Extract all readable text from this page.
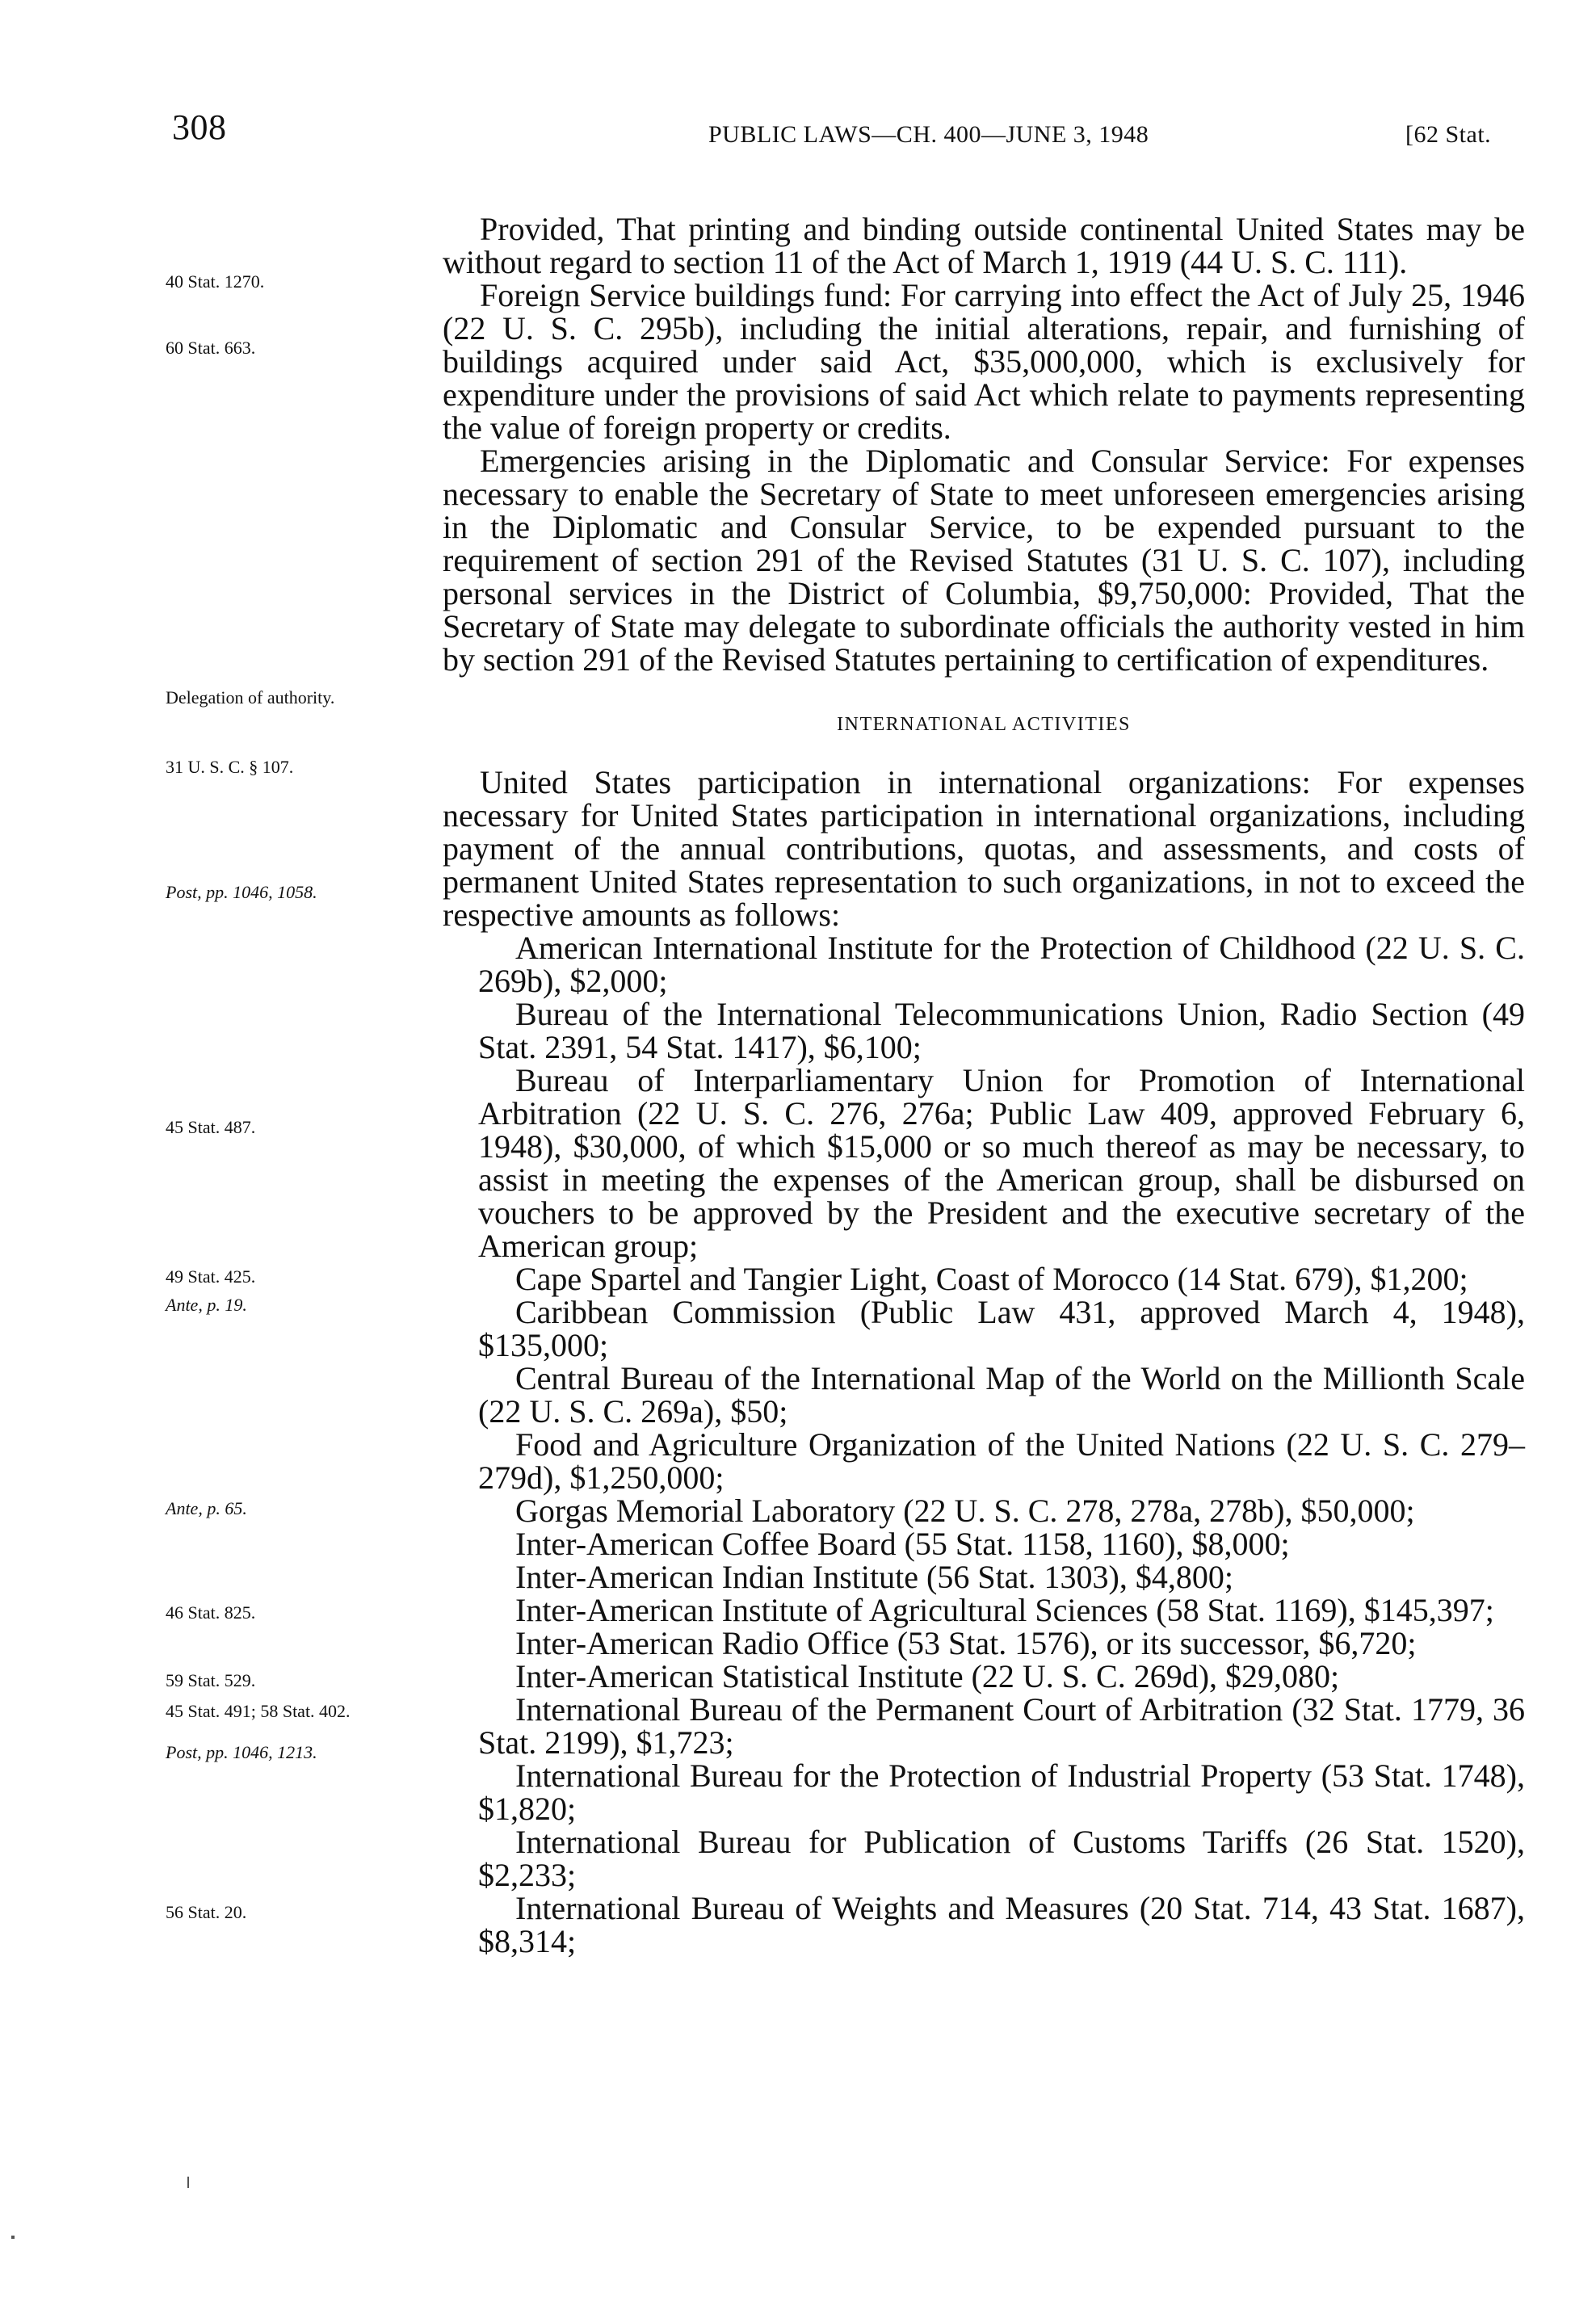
308	PUBLIC LAWS—CH. 400—JUNE 3, 1948	[62 Stat.
40 Stat. 1270.
60 Stat. 663.
Delegation of authority.
31 U. S. C. § 107.
Post, pp. 1046, 1058.
45 Stat. 487.
49 Stat. 425.
Ante, p. 19.
Ante, p. 65.
46 Stat. 825.
59 Stat. 529.
45 Stat. 491; 58 Stat. 402.
Post, pp. 1046, 1213.
56 Stat. 20.

Provided, That printing and binding outside continental United States may be without regard to section 11 of the Act of March 1, 1919 (44 U. S. C. 111).

Foreign Service buildings fund: For carrying into effect the Act of July 25, 1946 (22 U. S. C. 295b), including the initial alterations, repair, and furnishing of buildings acquired under said Act, $35,000,000, which is exclusively for expenditure under the provisions of said Act which relate to payments representing the value of foreign property or credits.

Emergencies arising in the Diplomatic and Consular Service: For expenses necessary to enable the Secretary of State to meet unforeseen emergencies arising in the Diplomatic and Consular Service, to be expended pursuant to the requirement of section 291 of the Revised Statutes (31 U. S. C. 107), including personal services in the District of Columbia, $9,750,000: Provided, That the Secretary of State may delegate to subordinate officials the authority vested in him by section 291 of the Revised Statutes pertaining to certification of expenditures.

INTERNATIONAL ACTIVITIES

United States participation in international organizations: For expenses necessary for United States participation in international organizations, including payment of the annual contributions, quotas, and assessments, and costs of permanent United States representation to such organizations, in not to exceed the respective amounts as follows:

American International Institute for the Protection of Childhood (22 U. S. C. 269b), $2,000;

Bureau of the International Telecommunications Union, Radio Section (49 Stat. 2391, 54 Stat. 1417), $6,100;

Bureau of Interparliamentary Union for Promotion of International Arbitration (22 U. S. C. 276, 276a; Public Law 409, approved February 6, 1948), $30,000, of which $15,000 or so much thereof as may be necessary, to assist in meeting the expenses of the American group, shall be disbursed on vouchers to be approved by the President and the executive secretary of the American group;

Cape Spartel and Tangier Light, Coast of Morocco (14 Stat. 679), $1,200;

Caribbean Commission (Public Law 431, approved March 4, 1948), $135,000;

Central Bureau of the International Map of the World on the Millionth Scale (22 U. S. C. 269a), $50;

Food and Agriculture Organization of the United Nations (22 U. S. C. 279–279d), $1,250,000;

Gorgas Memorial Laboratory (22 U. S. C. 278, 278a, 278b), $50,000;

Inter-American Coffee Board (55 Stat. 1158, 1160), $8,000;

Inter-American Indian Institute (56 Stat. 1303), $4,800;

Inter-American Institute of Agricultural Sciences (58 Stat. 1169), $145,397;

Inter-American Radio Office (53 Stat. 1576), or its successor, $6,720;

Inter-American Statistical Institute (22 U. S. C. 269d), $29,080;

International Bureau of the Permanent Court of Arbitration (32 Stat. 1779, 36 Stat. 2199), $1,723;

International Bureau for the Protection of Industrial Property (53 Stat. 1748), $1,820;

International Bureau for Publication of Customs Tariffs (26 Stat. 1520), $2,233;

International Bureau of Weights and Measures (20 Stat. 714, 43 Stat. 1687), $8,314;
